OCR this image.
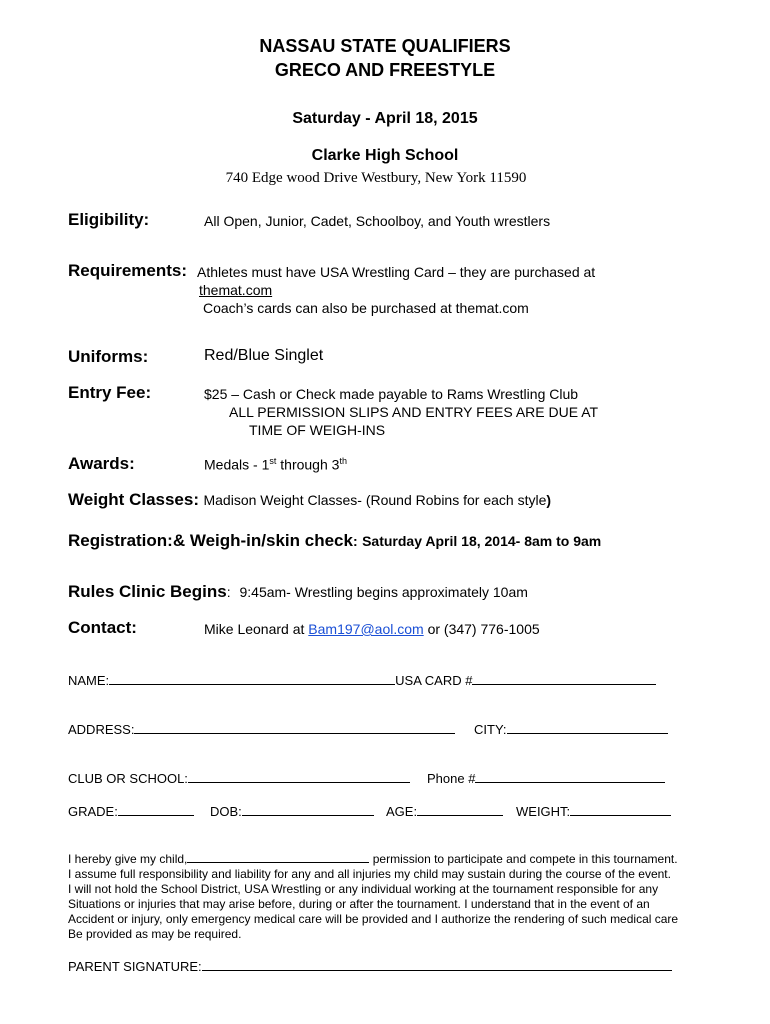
NASSAU STATE QUALIFIERS
GRECO AND FREESTYLE
Saturday - April 18, 2015
Clarke High School
740 Edge wood Drive Westbury, New York 11590
Eligibility:	All Open, Junior, Cadet, Schoolboy, and Youth wrestlers
Requirements: Athletes must have USA Wrestling Card – they are purchased at
themat.com
Coach’s cards can also be purchased at themat.com
Uniforms:	Red/Blue Singlet
Entry Fee:	$25 – Cash or Check made payable to Rams Wrestling Club
ALL PERMISSION SLIPS AND ENTRY FEES ARE DUE AT
TIME OF WEIGH-INS
Awards:	Medals - 1st through 3th
Weight Classes: Madison Weight Classes- (Round Robins for each style)
Registration:& Weigh-in/skin check: Saturday April 18, 2014- 8am to 9am
Rules Clinic Begins: 9:45am- Wrestling begins approximately 10am
Contact:	Mike Leonard at Bam197@aol.com or (347) 776-1005
NAME:	USA CARD #
ADDRESS:	CITY:
CLUB OR SCHOOL:	Phone #
GRADE:	DOB:	AGE:	WEIGHT:
I hereby give my child,	permission to participate and compete in this tournament.
I assume full responsibility and liability for any and all injuries my child may sustain during the course of the event.
I will not hold the School District, USA Wrestling or any individual working at the tournament responsible for any
Situations or injuries that may arise before, during or after the tournament. I understand that in the event of an
Accident or injury, only emergency medical care will be provided and I authorize the rendering of such medical care
Be provided as may be required.
PARENT SIGNATURE:
